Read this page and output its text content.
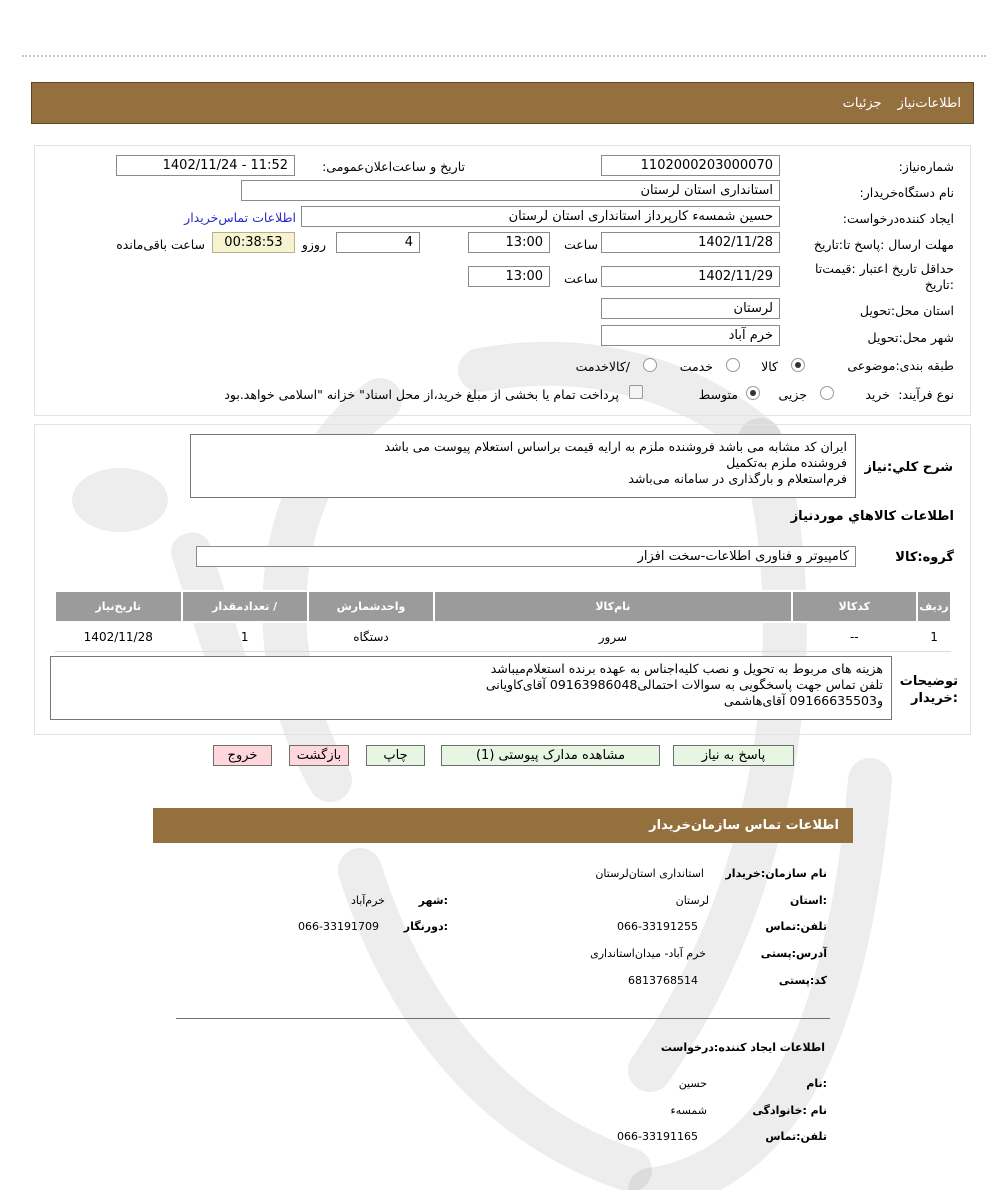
اطلاعات‌نیازجزئیات
شماره‌نیاز:
1102000203000070
تاریخ و ساعت‌اعلان‌عمومی:
1402/11/24 - 11:52
نام دستگاه‌خریدار:
استانداری استان لرستان
ایجاد کننده‌درخواست:
حسین شمسه‌ء کارپرداز استانداری استان لرستان
اطلاعات تماس‌خریدار
مهلت ارسال :پاسخ تا:تاریخ
1402/11/28
ساعت
13:00
4
روزو
00:38:53
ساعت باقی‌مانده
حداقل تاریخ اعتبار :قیمت‌تا
:تاریخ
1402/11/29
ساعت
13:00
استان محل:تحویل
لرستان
شهر محل:تحویل
خرم آباد
طبقه بندی:موضوعی
کالا
خدمت
/کالاخدمت
نوع فرآیند:
خرید
جزیی
متوسط
پرداخت تمام یا بخشی از مبلغ خرید،از محل اسناد" خزانه "اسلامی خواهد.بود
شرح كلي:نیاز
ایران کد مشابه می باشد فروشنده ملزم به ارایه قیمت براساس استعلام پیوست می باشد
فروشنده ملزم به‌تکمیل
فرم‌استعلام و بارگذاری در سامانه می‌باشد
اطلاعات کالاهاي مورد‌نیاز
گروه:کالا
کامپیوتر و فناوری اطلاعات-سخت افزار
ردیف	کدکالا	نام‌کالا	واحدشمارش	/ تعدادمقدار	تاریخ‌نیاز
1	--	سرور	دستگاه	1	1402/11/28
توضیحات
:خریدار
هزینه های مربوط به تحویل و نصب کلیه‌اجناس به عهده برنده استعلام‌میباشد
تلفن تماس جهت پاسخگویی به سوالات احتمالی09163986048 آقای‌کاویانی
و09166635503 آقای‌هاشمی
پاسخ به نیاز
مشاهده مدارک پیوستی (1)
چاپ
بازگشت
خروج
اطلاعات تماس سازمان‌خریدار
نام سازمان:خریدار
استانداری استان‌لرستان
:استان
لرستان
:شهر
خرم‌آباد
تلفن:تماس
066-33191255
:دورنگار
066-33191709
آدرس:پستی
خرم آباد- میدان‌استانداری
کد:پستی
6813768514
اطلاعات ایجاد کننده:درخواست
:نام
حسین
نام :خانوادگی
شمسه‌ء
تلفن:تماس
066-33191165
